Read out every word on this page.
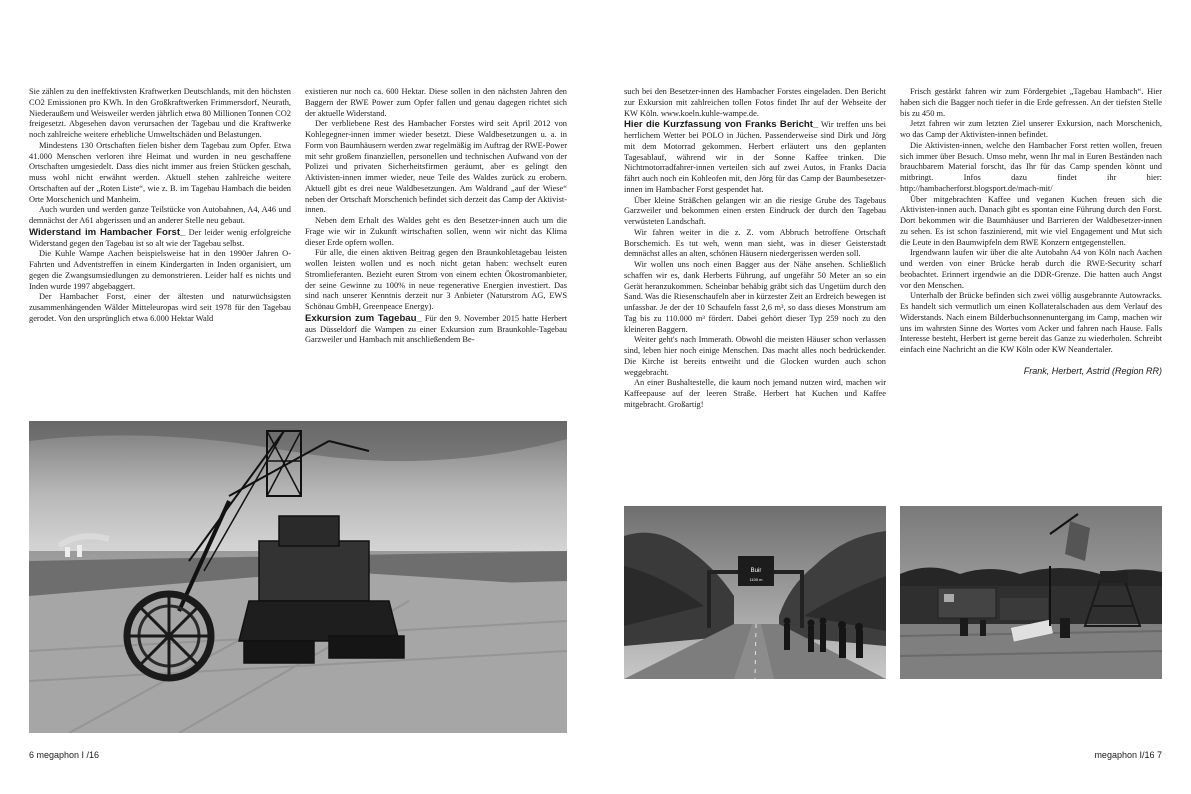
Sie zählen zu den ineffektivsten Kraftwerken Deutschlands, mit den höchsten CO2 Emissionen pro KWh. In den Großkraftwerken Frimmersdorf, Neurath, Niederaußem und Weisweiler werden jährlich etwa 80 Millionen Tonnen CO2 freigesetzt. Abgesehen davon verursachen der Tagebau und die Kraftwerke noch zahlreiche weitere erhebliche Umweltschäden und Belastungen.

Mindestens 130 Ortschaften fielen bisher dem Tagebau zum Opfer. Etwa 41.000 Menschen verloren ihre Heimat und wurden in neu geschaffene Ortschaften umgesiedelt. Dass dies nicht immer aus freien Stücken geschah, muss wohl nicht erwähnt werden. Aktuell stehen zahlreiche weitere Ortschaften auf der „Roten Liste“, wie z. B. im Tagebau Hambach die beiden Orte Morschenich und Manheim.

Auch wurden und werden ganze Teilstücke von Autobahnen, A4, A46 und demnächst der A61 abgerissen und an anderer Stelle neu gebaut.

Widerstand im Hambacher Forst_ Der leider wenig erfolgreiche Widerstand gegen den Tagebau ist so alt wie der Tagebau selbst.

Die Kuhle Wampe Aachen beispielsweise hat in den 1990er Jahren O-Fahrten und Adventstreffen in einem Kindergarten in Inden organisiert, um gegen die Zwangsumsiedlungen zu demonstrieren. Leider half es nichts und Inden wurde 1997 abgebaggert.

Der Hambacher Forst, einer der ältesten und naturwüchsigsten zusammenhängenden Wälder Mitteleuropas wird seit 1978 für den Tagebau gerodet. Von den ursprünglich etwa 6.000 Hektar Wald

existieren nur noch ca. 600 Hektar. Diese sollen in den nächsten Jahren den Baggern der RWE Power zum Opfer fallen und genau dagegen richtet sich der aktuelle Widerstand.

Der verbliebene Rest des Hambacher Forstes wird seit April 2012 von Kohlegegner-innen immer wieder besetzt. Diese Waldbesetzungen u. a. in Form von Baumhäusern werden zwar regelmäßig im Auftrag der RWE-Power mit sehr großem finanziellen, personellen und technischen Aufwand von der Polizei und privaten Sicherheitsfirmen geräumt, aber es gelingt den Aktivisten-innen immer wieder, neue Teile des Waldes zurück zu erobern. Aktuell gibt es drei neue Waldbesetzungen. Am Waldrand „auf der Wiese“ neben der Ortschaft Morschenich befindet sich derzeit das Camp der Aktivist-innen.

Neben dem Erhalt des Waldes geht es den Besetzer-innen auch um die Frage wie wir in Zukunft wirtschaften sollen, wenn wir nicht das Klima dieser Erde opfern wollen.

Für alle, die einen aktiven Beitrag gegen den Braunkohletagebau leisten wollen leisten wollen und es noch nicht getan haben: wechselt euren Stromlieferanten. Bezieht euren Strom von einem echten Ökostromanbieter, der seine Gewinne zu 100% in neue regenerative Energien investiert. Das sind nach unserer Kenntnis derzeit nur 3 Anbieter (Naturstrom AG, EWS Schönau GmbH, Greenpeace Energy).

Exkursion zum Tagebau_ Für den 9. November 2015 hatte Herbert aus Düsseldorf die Wampen zu einer Exkursion zum Braunkohle-Tagebau Garzweiler und Hambach mit anschließendem Be-

such bei den Besetzer-innen des Hambacher Forstes eingeladen. Den Bericht zur Exkursion mit zahlreichen tollen Fotos findet Ihr auf der Webseite der KW Köln. www.koeln.kuhle-wampe.de.

Hier die Kurzfassung von Franks Bericht_ Wir treffen uns bei herrlichem Wetter bei POLO in Jüchen. Passenderweise sind Dirk und Jörg mit dem Motorrad gekommen. Herbert erläutert uns den geplanten Tagesablauf, während wir in der Sonne Kaffee trinken. Die Nichtmotorradfahrer-innen verteilen sich auf zwei Autos, in Franks Dacia fährt auch noch ein Kohleofen mit, den Jörg für das Camp der Baumbesetzer-innen im Hambacher Forst gespendet hat.

Über kleine Sträßchen gelangen wir an die riesige Grube des Tagebaus Garzweiler und bekommen einen ersten Eindruck der durch den Tagebau verwüsteten Landschaft.

Wir fahren weiter in die z. Z. vom Abbruch betroffene Ortschaft Borschemich. Es tut weh, wenn man sieht, was in dieser Geisterstadt demnächst alles an alten, schönen Häusern niedergerissen werden soll.

Wir wollen uns noch einen Bagger aus der Nähe ansehen. Schließlich schaffen wir es, dank Herberts Führung, auf ungefähr 50 Meter an so ein Gerät heranzukommen. Scheinbar behäbig gräbt sich das Ungetüm durch den Sand. Was die Riesenschaufeln aber in kürzester Zeit an Erdreich bewegen ist unfassbar. Je der der 10 Schaufeln fasst 2,6 m³, so dass dieses Monstrum am Tag bis zu 110.000 m³ fördert. Dabei gehört dieser Typ 259 noch zu den kleineren Baggern.

Weiter geht's nach Immerath. Obwohl die meisten Häuser schon verlassen sind, leben hier noch einige Menschen. Das macht alles noch bedrückender. Die Kirche ist bereits entweiht und die Glocken wurden auch schon weggebracht.

An einer Bushaltestelle, die kaum noch jemand nutzen wird, machen wir Kaffeepause auf der leeren Straße. Herbert hat Kuchen und Kaffee mitgebracht. Großartig!

Frisch gestärkt fahren wir zum Fördergebiet „Tagebau Hambach“. Hier haben sich die Bagger noch tiefer in die Erde gefressen. An der tiefsten Stelle bis zu 450 m.

Jetzt fahren wir zum letzten Ziel unserer Exkursion, nach Morschenich, wo das Camp der Aktivisten-innen befindet.

Die Aktivisten-innen, welche den Hambacher Forst retten wollen, freuen sich immer über Besuch. Umso mehr, wenn Ihr mal in Euren Beständen nach brauchbarem Material forscht, das Ihr für das Camp spenden könnt und mitbringt. Infos dazu findet ihr hier: http://hambacherforst.blogsport.de/mach-mit/

Über mitgebrachten Kaffee und veganen Kuchen freuen sich die Aktivisten-innen auch. Danach gibt es spontan eine Führung durch den Forst. Dort bekommen wir die Baumhäuser und Barrieren der Waldbesetzer-innen zu sehen. Es ist schon faszinierend, mit wie viel Engagement und Mut sich die Leute in den Baumwipfeln dem RWE Konzern entgegenstellen.

Irgendwann laufen wir über die alte Autobahn A4 von Köln nach Aachen und werden von einer Brücke herab durch die RWE-Security scharf beobachtet. Erinnert irgendwie an die DDR-Grenze. Die hatten auch Angst vor den Menschen.

Unterhalb der Brücke befinden sich zwei völlig ausgebrannte Autowracks. Es handelt sich vermutlich um einen Kollateralschaden aus dem Verlauf des Widerstands. Nach einem Bilderbuchsonnenuntergang im Camp, machen wir uns im wahrsten Sinne des Wortes vom Acker und fahren nach Hause. Falls Interesse besteht, Herbert ist gerne bereit das Ganze zu wiederholen. Schreibt einfach eine Nachricht an die KW Köln oder KW Neandertaler.

Frank, Herbert, Astrid (Region RR)

Buir
1100 m
6 megaphon I /16	megaphon I/16 7
